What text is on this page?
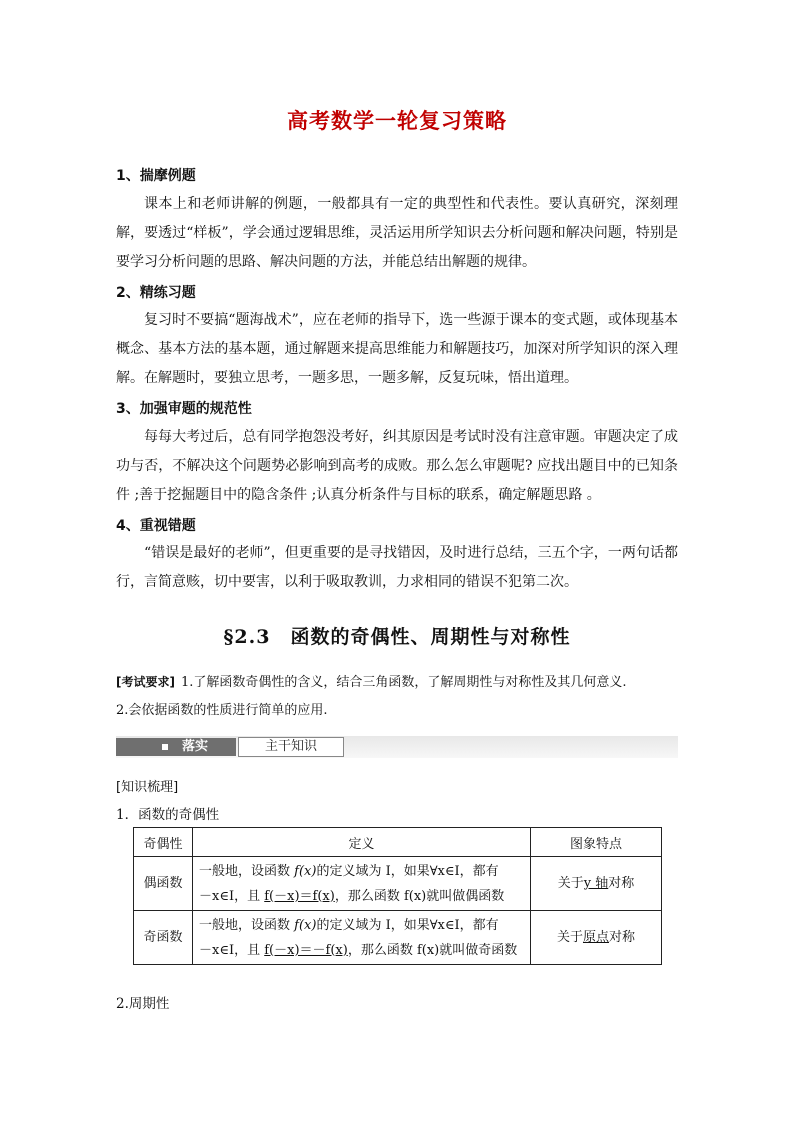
高考数学一轮复习策略
1、揣摩例题
课本上和老师讲解的例题，一般都具有一定的典型性和代表性。要认真研究，深刻理解，要透过“样板”，学会通过逻辑思维，灵活运用所学知识去分析问题和解决问题，特别是要学习分析问题的思路、解决问题的方法，并能总结出解题的规律。
2、精练习题
复习时不要搞“题海战术”，应在老师的指导下，选一些源于课本的变式题，或体现基本概念、基本方法的基本题，通过解题来提高思维能力和解题技巧，加深对所学知识的深入理解。在解题时，要独立思考，一题多思，一题多解，反复玩味，悟出道理。
3、加强审题的规范性
每每大考过后，总有同学抱怨没考好，纠其原因是考试时没有注意审题。审题决定了成功与否，不解决这个问题势必影响到高考的成败。那么怎么审题呢? 应找出题目中的已知条件 ;善于挖掘题目中的隐含条件 ;认真分析条件与目标的联系，确定解题思路 。
4、重视错题
“错误是最好的老师”，但更重要的是寻找错因，及时进行总结，三五个字，一两句话都行，言简意赅，切中要害，以利于吸取教训，力求相同的错误不犯第二次。
§2.3　函数的奇偶性、周期性与对称性
[考试要求] 1.了解函数奇偶性的含义，结合三角函数，了解周期性与对称性及其几何意义.
2.会依据函数的性质进行简单的应用.
落实	主干知识
[知识梳理]
1．函数的奇偶性
奇偶性	定义	图象特点
偶函数	一般地，设函数 f(x)的定义域为 I，如果∀x∈I，都有
－x∈I，且 f(－x)＝f(x)，那么函数 f(x)就叫做偶函数	关于y 轴对称
奇函数	一般地，设函数 f(x)的定义域为 I，如果∀x∈I，都有
－x∈I，且 f(－x)＝－f(x)，那么函数 f(x)就叫做奇函数	关于原点对称
2.周期性
